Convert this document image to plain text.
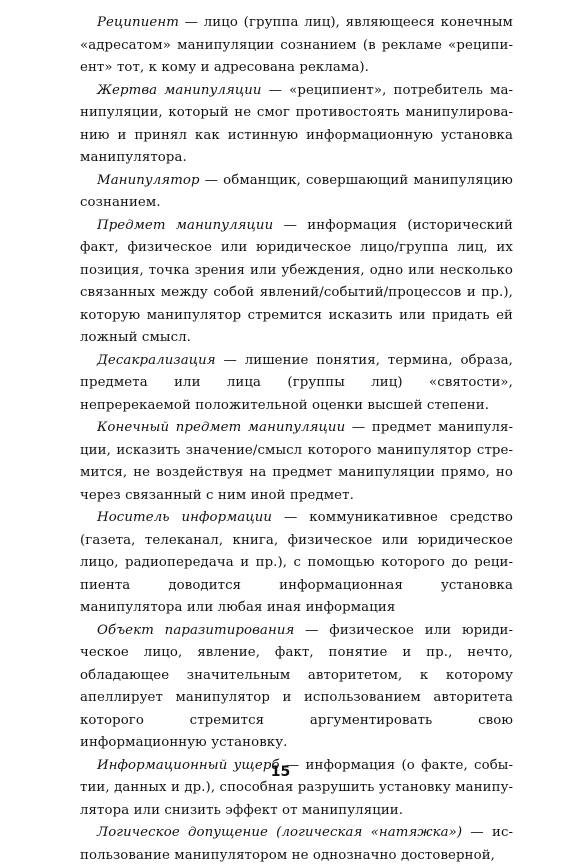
Реципиент — лицо (группа лиц), являющееся конечным «адресатом» манипуляции сознанием (в рекламе «реципиент» тот, к кому и адресована реклама).

Жертва манипуляции — «реципиент», потребитель манипуляции, который не смог противостоять манипулированию и принял как истинную информационную установка манипулятора.

Манипулятор — обманщик, совершающий манипуляцию сознанием.

Предмет манипуляции — информация (исторический факт, физическое или юридическое лицо/группа лиц, их позиция, точка зрения или убеждения, одно или несколько связанных между собой явлений/событий/процессов и пр.), которую манипулятор стремится исказить или придать ей ложный смысл.

Десакрализация — лишение понятия, термина, образа, предмета или лица (группы лиц) «святости», непререкаемой положительной оценки высшей степени.

Конечный предмет манипуляции — предмет манипуляции, исказить значение/смысл которого манипулятор стремится, не воздействуя на предмет манипуляции прямо, но через связанный с ним иной предмет.

Носитель информации — коммуникативное средство (газета, телеканал, книга, физическое или юридическое лицо, радиопередача и пр.), с помощью которого до реципиента доводится информационная установка манипулятора или любая иная информация

Объект паразитирования — физическое или юридическое лицо, явление, факт, понятие и пр., нечто, обладающее значительным авторитетом, к которому апеллирует манипулятор и использованием авторитета которого стремится аргументировать свою информационную установку.

Информационный ущерб — информация (о факте, событии, данных и др.), способная разрушить установку манипулятора или снизить эффект от манипуляции.

Логическое допущение (логическая «натяжка») — использование манипулятором не однозначно достоверной,

15
